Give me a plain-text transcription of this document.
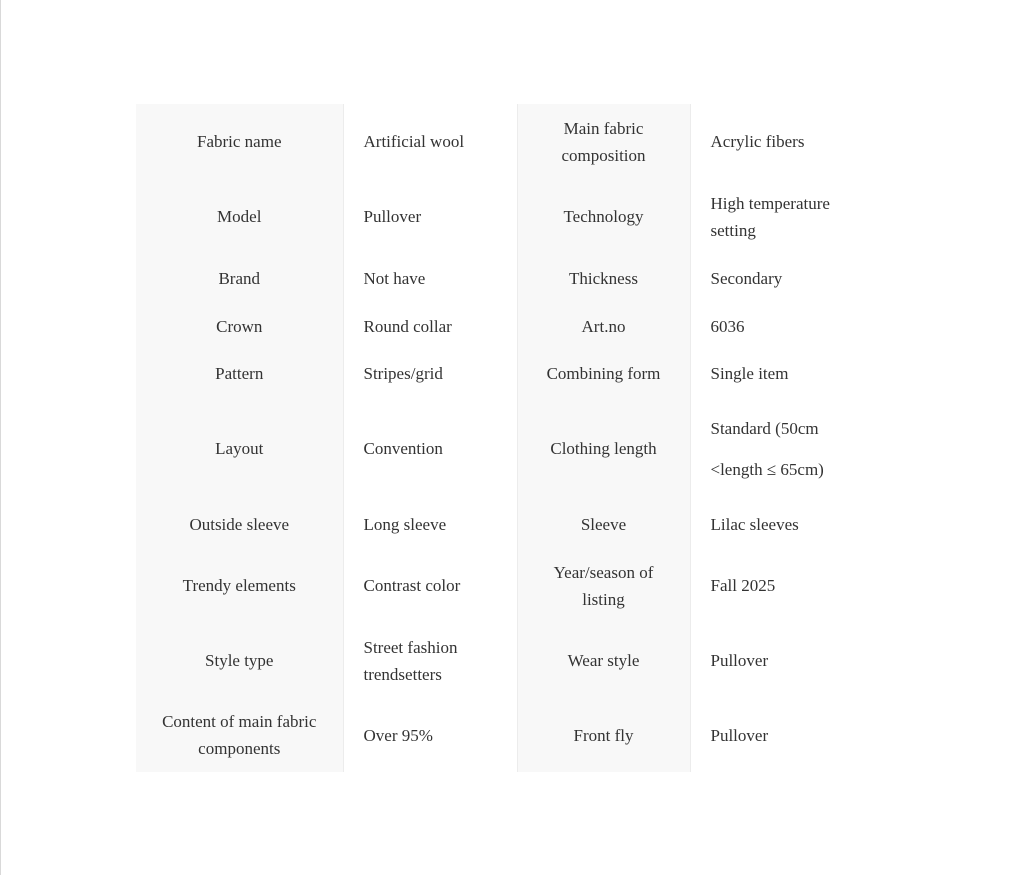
Fabric name	Artificial wool	Main fabric composition	Acrylic fibers
Model	Pullover	Technology	High temperature setting
Brand	Not have	Thickness	Secondary
Crown	Round collar	Art.no	6036
Pattern	Stripes/grid	Combining form	Single item
Layout	Convention	Clothing length	Standard (50cm <length ≤ 65cm)
Outside sleeve	Long sleeve	Sleeve	Lilac sleeves
Trendy elements	Contrast color	Year/season of listing	Fall 2025
Style type	Street fashion trendsetters	Wear style	Pullover
Content of main fabric components	Over 95%	Front fly	Pullover
